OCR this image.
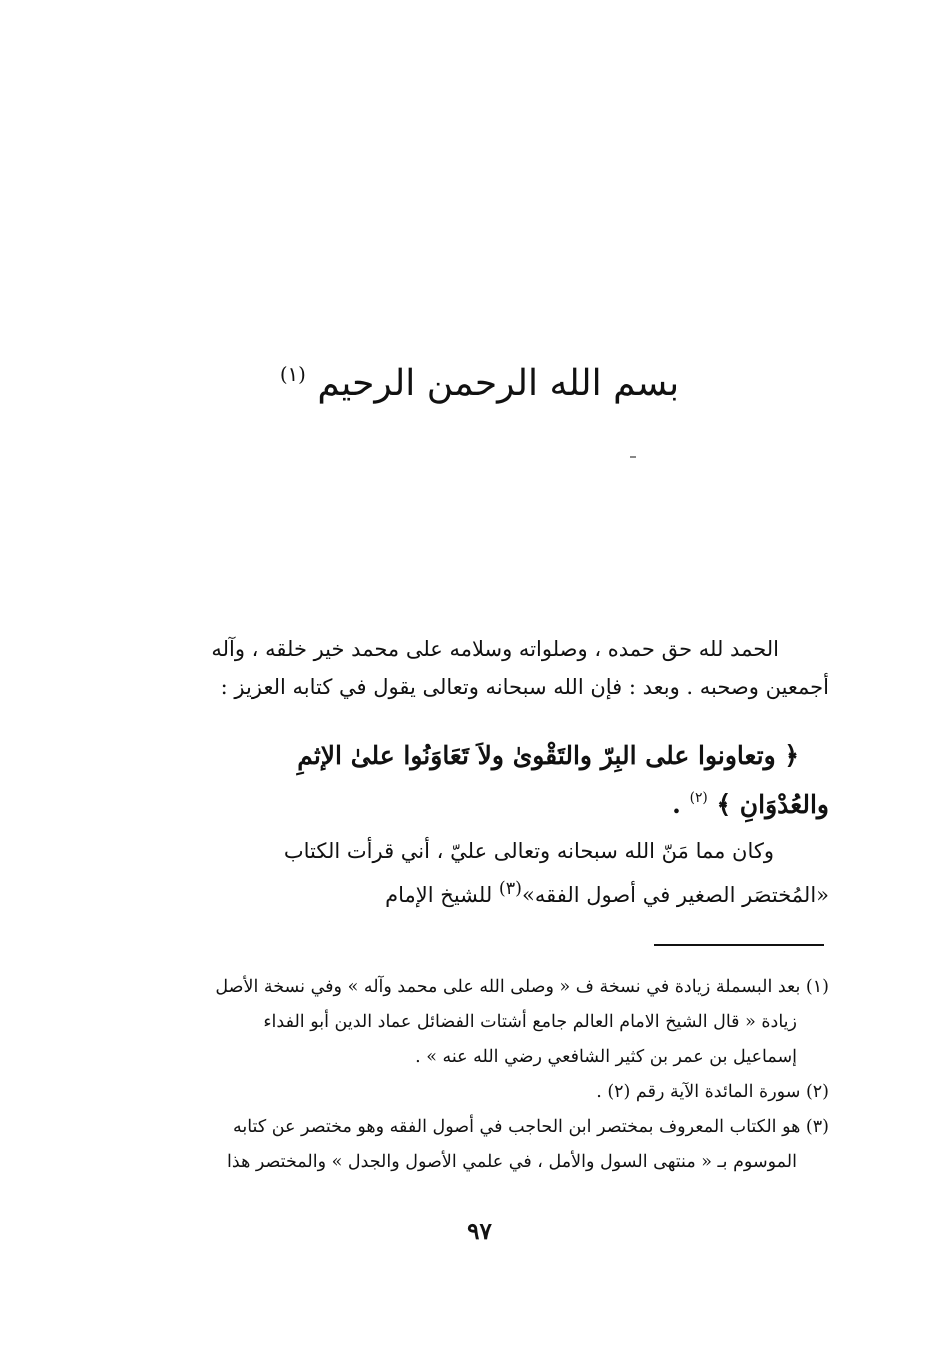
بسم الله الرحمن الرحيم $^{(١)}$
الحمد لله حق حمده ، وصلواته وسلامه على محمد خير خلقه ، وآله
أجمعين وصحبه . وبعد : فإن الله سبحانه وتعالى يقول في كتابه العزيز :
﴿ وتعاونوا على البِرّ والتَقْوىٰ ولاَ تَعَاوَنُوا علىٰ الإثمِ
والعُدْوَانِ ﴾ $^{(٢)}$ .
وكان مما مَنّ الله سبحانه وتعالى عليّ ، أني قرأت الكتاب
«المُختصَر الصغير في أصول الفقه»$^{(٣)}$ للشيخ الإمام
(١) بعد البسملة زيادة في نسخة ف « وصلى الله على محمد وآله » وفي نسخة الأصل
زيادة « قال الشيخ الامام العالم جامع أشتات الفضائل عماد الدين أبو الفداء
إسماعيل بن عمر بن كثير الشافعي رضي الله عنه » .
(٢) سورة المائدة الآية رقم (٢) .
(٣) هو الكتاب المعروف بمختصر ابن الحاجب في أصول الفقه وهو مختصر عن كتابه
الموسوم بـ « منتهى السول والأمل ، في علمي الأصول والجدل » والمختصر هذا
٩٧
